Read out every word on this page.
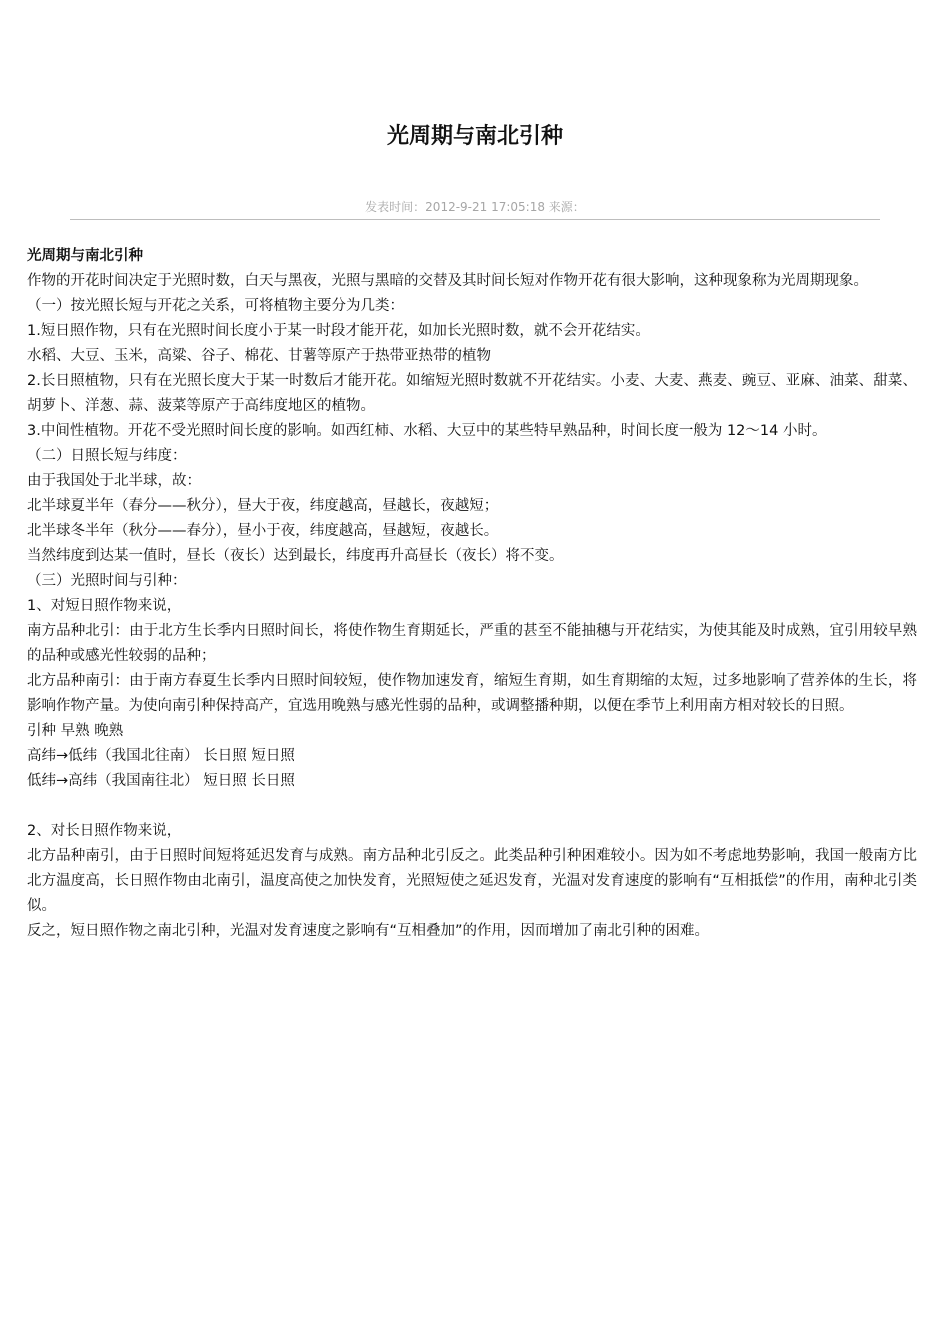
光周期与南北引种
发表时间：2012-9-21 17:05:18 来源：

光周期与南北引种

作物的开花时间决定于光照时数，白天与黑夜，光照与黑暗的交替及其时间长短对作物开花有很大影响，这种现象称为光周期现象。

（一）按光照长短与开花之关系，可将植物主要分为几类：

1.短日照作物，只有在光照时间长度小于某一时段才能开花，如加长光照时数，就不会开花结实。

水稻、大豆、玉米，高粱、谷子、棉花、甘薯等原产于热带亚热带的植物

2.长日照植物，只有在光照长度大于某一时数后才能开花。如缩短光照时数就不开花结实。小麦、大麦、燕麦、豌豆、亚麻、油菜、甜菜、胡萝卜、洋葱、蒜、菠菜等原产于高纬度地区的植物。

3.中间性植物。开花不受光照时间长度的影响。如西红柿、水稻、大豆中的某些特早熟品种，时间长度一般为 12～14 小时。

（二）日照长短与纬度：

由于我国处于北半球，故：

北半球夏半年（春分——秋分），昼大于夜，纬度越高，昼越长，夜越短；

北半球冬半年（秋分——春分），昼小于夜，纬度越高，昼越短，夜越长。

当然纬度到达某一值时，昼长（夜长）达到最长，纬度再升高昼长（夜长）将不变。

（三）光照时间与引种：

1、对短日照作物来说，

南方品种北引：由于北方生长季内日照时间长，将使作物生育期延长，严重的甚至不能抽穗与开花结实，为使其能及时成熟，宜引用较早熟的品种或感光性较弱的品种；

北方品种南引：由于南方春夏生长季内日照时间较短，使作物加速发育，缩短生育期，如生育期缩的太短，过多地影响了营养体的生长，将影响作物产量。为使向南引种保持高产，宜选用晚熟与感光性弱的品种，或调整播种期，以便在季节上利用南方相对较长的日照。

引种 早熟 晚熟

高纬→低纬（我国北往南） 长日照 短日照

低纬→高纬（我国南往北） 短日照 长日照

2、对长日照作物来说，

北方品种南引，由于日照时间短将延迟发育与成熟。南方品种北引反之。此类品种引种困难较小。因为如不考虑地势影响，我国一般南方比北方温度高，长日照作物由北南引，温度高使之加快发育，光照短使之延迟发育，光温对发育速度的影响有“互相抵偿”的作用，南种北引类似。

反之，短日照作物之南北引种，光温对发育速度之影响有“互相叠加”的作用，因而增加了南北引种的困难。
